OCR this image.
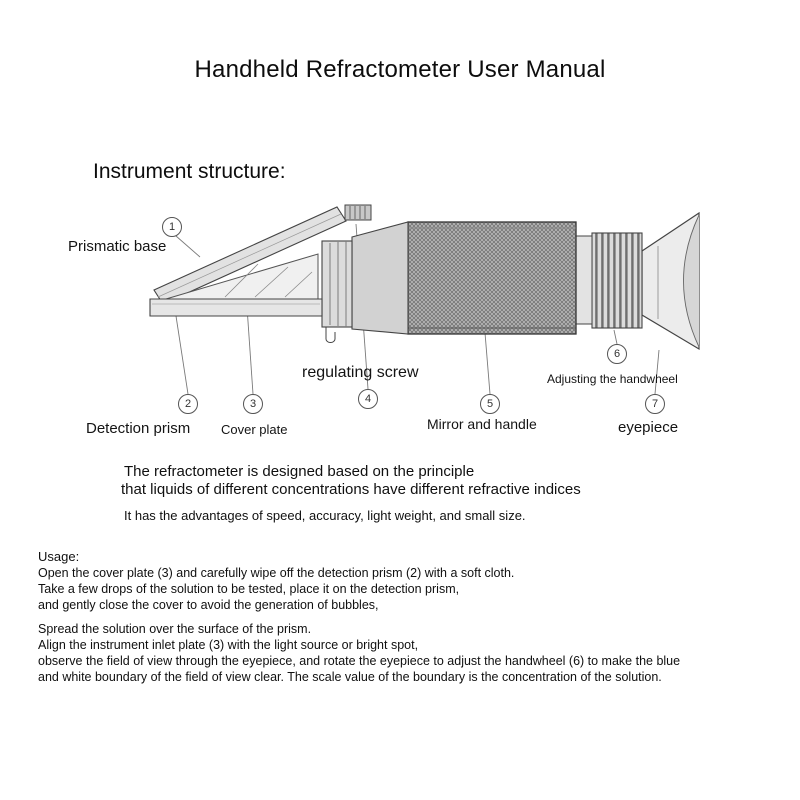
Handheld Refractometer User Manual
Instrument structure:
1
2	3	4	5
6
7
Prismatic base
Detection prism Cover plate
regulating screw
Mirror and handle
Adjusting the handwheel
eyepiece
The refractometer is designed based on the principle
that liquids of different concentrations have different refractive indices
It has the advantages of speed, accuracy, light weight, and small size.

Usage:

Open the cover plate (3) and carefully wipe off the detection prism (2) with a soft cloth.

Take a few drops of the solution to be tested, place it on the detection prism,

and gently close the cover to avoid the generation of bubbles,

Spread the solution over the surface of the prism.

Align the instrument inlet plate (3) with the light source or bright spot,

observe the field of view through the eyepiece, and rotate the eyepiece to adjust the handwheel (6) to make the blue

and white boundary of the field of view clear. The scale value of the boundary is the concentration of the solution.
